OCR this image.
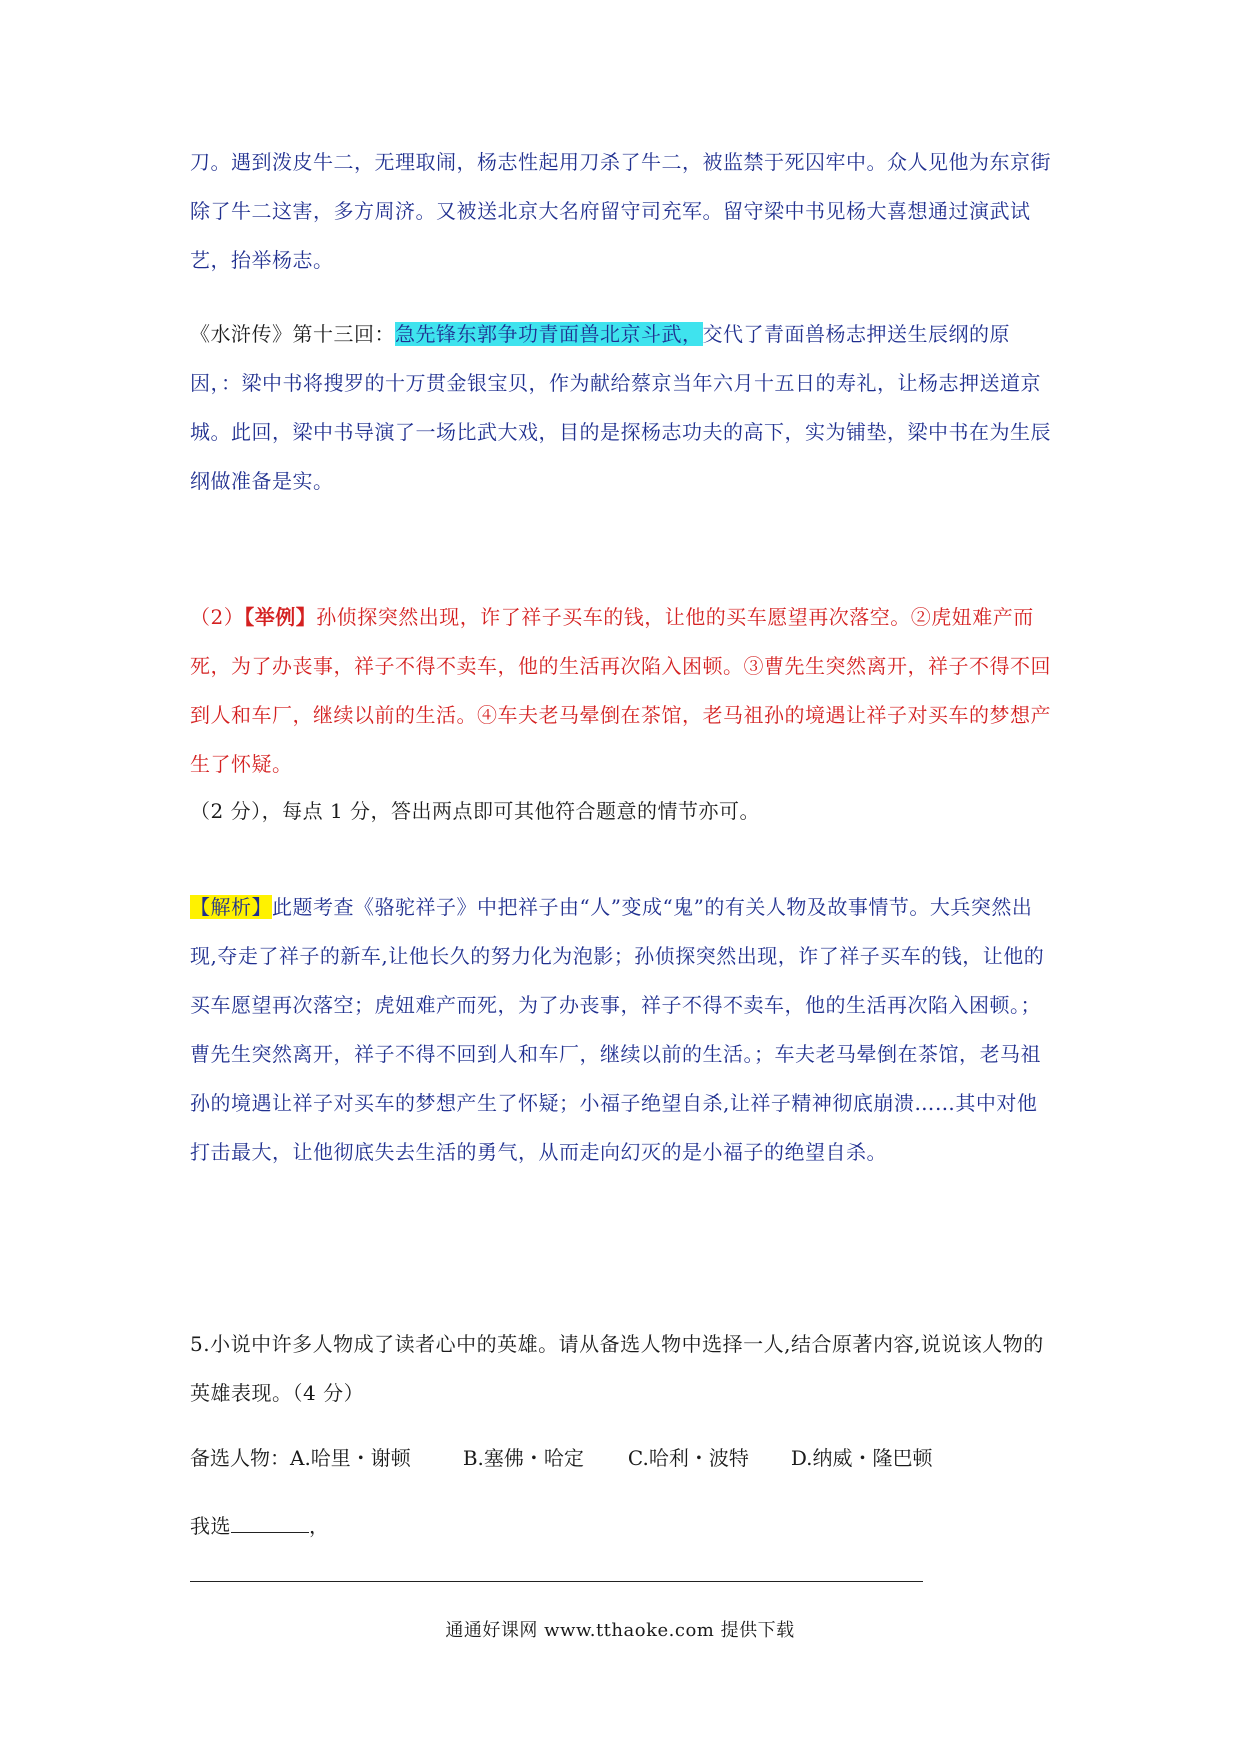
刀。遇到泼皮牛二，无理取闹，杨志性起用刀杀了牛二，被监禁于死囚牢中。众人见他为东京街除了牛二这害，多方周济。又被送北京大名府留守司充军。留守梁中书见杨大喜想通过演武试艺，抬举杨志。

《水浒传》第十三回：急先锋东郭争功青面兽北京斗武，交代了青面兽杨志押送生辰纲的原因，：梁中书将搜罗的十万贯金银宝贝，作为献给蔡京当年六月十五日的寿礼，让杨志押送道京城。此回，梁中书导演了一场比武大戏，目的是探杨志功夫的高下，实为铺垫，梁中书在为生辰纲做准备是实。

（2）【举例】孙侦探突然出现，诈了祥子买车的钱，让他的买车愿望再次落空。②虎妞难产而死，为了办丧事，祥子不得不卖车，他的生活再次陷入困顿。③曹先生突然离开，祥子不得不回到人和车厂，继续以前的生活。④车夫老马晕倒在茶馆，老马祖孙的境遇让祥子对买车的梦想产生了怀疑。

（2 分），每点 1 分，答出两点即可其他符合题意的情节亦可。

【解析】此题考查《骆驼祥子》中把祥子由“人”变成“鬼”的有关人物及故事情节。大兵突然出现,夺走了祥子的新车,让他长久的努力化为泡影；孙侦探突然出现，诈了祥子买车的钱，让他的买车愿望再次落空；虎妞难产而死，为了办丧事，祥子不得不卖车，他的生活再次陷入困顿。；曹先生突然离开，祥子不得不回到人和车厂，继续以前的生活。；车夫老马晕倒在茶馆，老马祖孙的境遇让祥子对买车的梦想产生了怀疑；小福子绝望自杀,让祥子精神彻底崩溃……其中对他打击最大，让他彻底失去生活的勇气，从而走向幻灭的是小福子的绝望自杀。

5.小说中许多人物成了读者心中的英雄。请从备选人物中选择一人,结合原著内容,说说该人物的英雄表现。（4 分）

备选人物：A.哈里・谢顿	B.塞佛・哈定 C.哈利・波特 D.纳威・隆巴顿

我选	，

通通好课网 www.tthaoke.com 提供下载
